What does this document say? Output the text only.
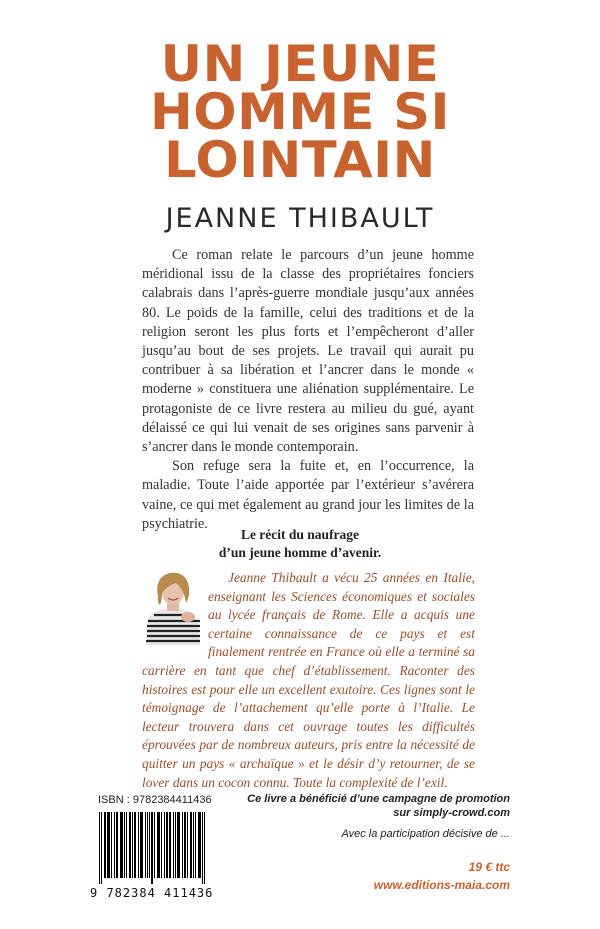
UN JEUNE
HOMME SI
LOINTAIN
JEANNE THIBAULT

Ce roman relate le parcours d’un jeune homme méridional issu de la classe des propriétaires fonciers calabrais dans l’après-guerre mondiale jusqu’aux années 80. Le poids de la famille, celui des traditions et de la religion seront les plus forts et l’empêcheront d’aller jusqu’au bout de ses projets. Le travail qui aurait pu contribuer à sa libération et l’ancrer dans le monde « moderne » constituera une aliénation supplémentaire. Le protagoniste de ce livre restera au milieu du gué, ayant délaissé ce qui lui venait de ses origines sans parvenir à s’ancrer dans le monde contemporain.

Son refuge sera la fuite et, en l’occurrence, la maladie. Toute l’aide apportée par l’extérieur s’avérera vaine, ce qui met également au grand jour les limites de la psychiatrie.

Le récit du naufrage
d’un jeune homme d’avenir.

Jeanne Thibault a vécu 25 années en Italie, enseignant les Sciences économiques et sociales au lycée français de Rome. Elle a acquis une certaine connaissance de ce pays et est finalement rentrée en France où elle a terminé sa carrière en tant que chef d’établissement. Raconter des histoires est pour elle un excellent exutoire. Ces lignes sont le témoignage de l’attachement qu’elle porte à l’Italie. Le lecteur trouvera dans cet ouvrage toutes les difficultés éprouvées par de nombreux auteurs, pris entre la nécessité de quitter un pays « archaïque » et le désir d’y retourner, de se lover dans un cocon connu. Toute la complexité de l’exil.

ISBN : 9782384411436
9 782384 411436
Ce livre a bénéficié d’une campagne de promotion
sur simply-crowd.com
Avec la participation décisive de ...
19 € ttc
www.editions-maia.com
